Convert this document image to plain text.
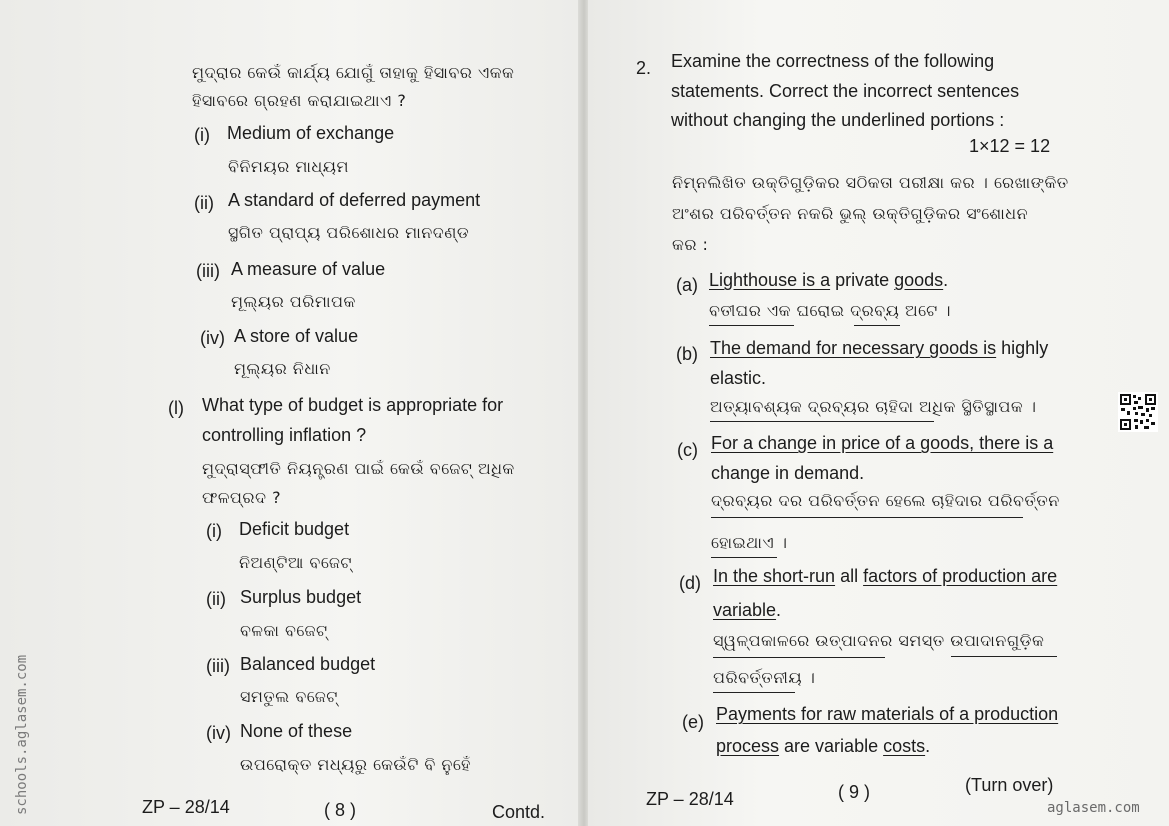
ମୁଦ୍ରାର କେଉଁ କାର୍ଯ୍ୟ ଯୋଗୁଁ ତାହାକୁ ହିସାବର ଏକକ
ହିସାବରେ ଗ୍ରହଣ କରାଯାଇଥାଏ ?
(i) Medium of exchange
ବିନିମୟର ମାଧ୍ୟମ
(ii) A standard of deferred payment
ସ୍ଥଗିତ ପ୍ରାପ୍ୟ ପରିଶୋଧର ମାନଦଣ୍ଡ
(iii) A measure of value
ମୂଲ୍ୟର ପରିମାପକ
(iv) A store of value
ମୂଲ୍ୟର ନିଧାନ
(l) What type of budget is appropriate for
controlling inflation ?
ମୁଦ୍ରାସ୍ଫୀତି ନିୟନ୍ତ୍ରଣ ପାଇଁ କେଉଁ ବଜେଟ୍ ଅଧିକ
ଫଳପ୍ରଦ ?
(i) Deficit budget
ନିଅଣ୍ଟିଆ ବଜେଟ୍
(ii) Surplus budget
ବଳକା ବଜେଟ୍
(iii) Balanced budget
ସମତୁଲ ବଜେଟ୍
(iv) None of these
ଉପରୋକ୍ତ ମଧ୍ୟରୁ କେଉଁଟି ବି ନୁହେଁ
ZP – 28/14	( 8 )	Contd.
schools.aglasem.com
2. Examine the correctness of the following
statements. Correct the incorrect sentences
without changing the underlined portions :
1×12 = 12
ନିମ୍ନଲିଖିତ ଉକ୍ତିଗୁଡ଼ିକର ସଠିକତା ପରୀକ୍ଷା କର । ରେଖାଙ୍କିତ
ଅଂଶର ପରିବର୍ତ୍ତନ ନକରି ଭୁଲ୍ ଉକ୍ତିଗୁଡ଼ିକର ସଂଶୋଧନ
କର :
(a) Lighthouse is a private goods.
ବତୀଘର ଏକ ଘରୋଇ ଦ୍ରବ୍ୟ ଅଟେ ।
(b) The demand for necessary goods is highly
elastic.
ଅତ୍ୟାବଶ୍ୟକ ଦ୍ରବ୍ୟର ଚାହିଦା ଅଧିକ ସ୍ଥିତିସ୍ଥାପକ ।
(c) For a change in price of a goods, there is a
change in demand.
ଦ୍ରବ୍ୟର ଦର ପରିବର୍ତ୍ତନ ହେଲେ ଚାହିଦାର ପରିବର୍ତ୍ତନ
ହୋଇଥାଏ ।
(d) In the short-run all factors of production are
variable.
ସ୍ୱଳ୍ପକାଳରେ ଉତ୍ପାଦନର ସମସ୍ତ ଉପାଦାନଗୁଡ଼ିକ
ପରିବର୍ତ୍ତନୀୟ ।
(e) Payments for raw materials of a production
process are variable costs.
ZP – 28/14	( 9 )	(Turn over)
aglasem.com
